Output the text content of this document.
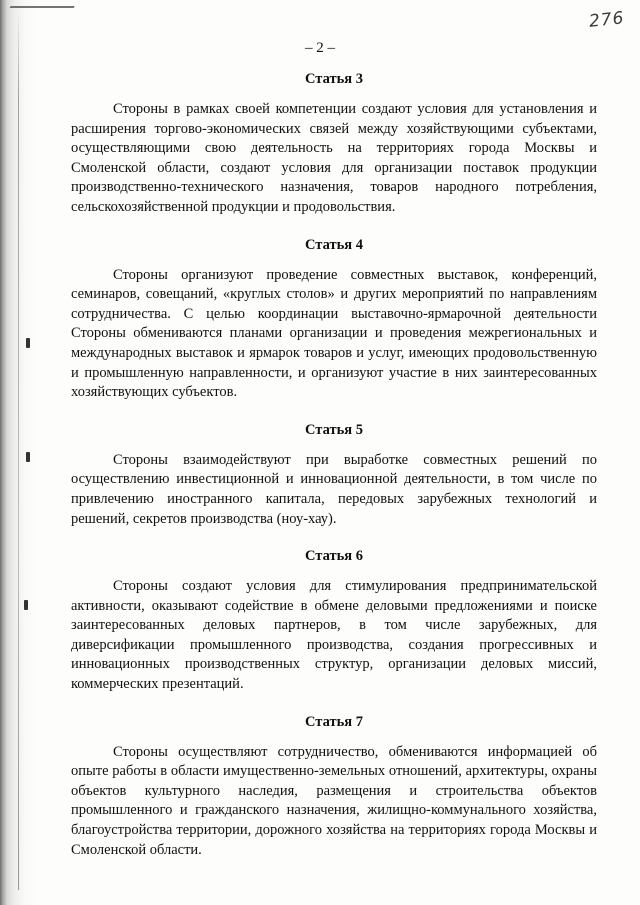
276
– 2 –
Статья 3

Стороны в рамках своей компетенции создают условия для установления и расширения торгово-экономических связей между хозяйствующими субъектами, осуществляющими свою деятельность на территориях города Москвы и Смоленской области, создают условия для организации поставок продукции производственно-технического назначения, товаров народного потребления, сельскохозяйственной продукции и продовольствия.

Статья 4

Стороны организуют проведение совместных выставок, конференций, семинаров, совещаний, «круглых столов» и других мероприятий по направлениям сотрудничества. С целью координации выставочно-ярмарочной деятельности Стороны обмениваются планами организации и проведения межрегиональных и международных выставок и ярмарок товаров и услуг, имеющих продовольственную и промышленную направленности, и организуют участие в них заинтересованных хозяйствующих субъектов.

Статья 5

Стороны взаимодействуют при выработке совместных решений по осуществлению инвестиционной и инновационной деятельности, в том числе по привлечению иностранного капитала, передовых зарубежных технологий и решений, секретов производства (ноу-хау).

Статья 6

Стороны создают условия для стимулирования предпринимательской активности, оказывают содействие в обмене деловыми предложениями и поиске заинтересованных деловых партнеров, в том числе зарубежных, для диверсификации промышленного производства, создания прогрессивных и инновационных производственных структур, организации деловых миссий, коммерческих презентаций.

Статья 7

Стороны осуществляют сотрудничество, обмениваются информацией об опыте работы в области имущественно-земельных отношений, архитектуры, охраны объектов культурного наследия, размещения и строительства объектов промышленного и гражданского назначения, жилищно-коммунального хозяйства, благоустройства территории, дорожного хозяйства на территориях города Москвы и Смоленской области.
